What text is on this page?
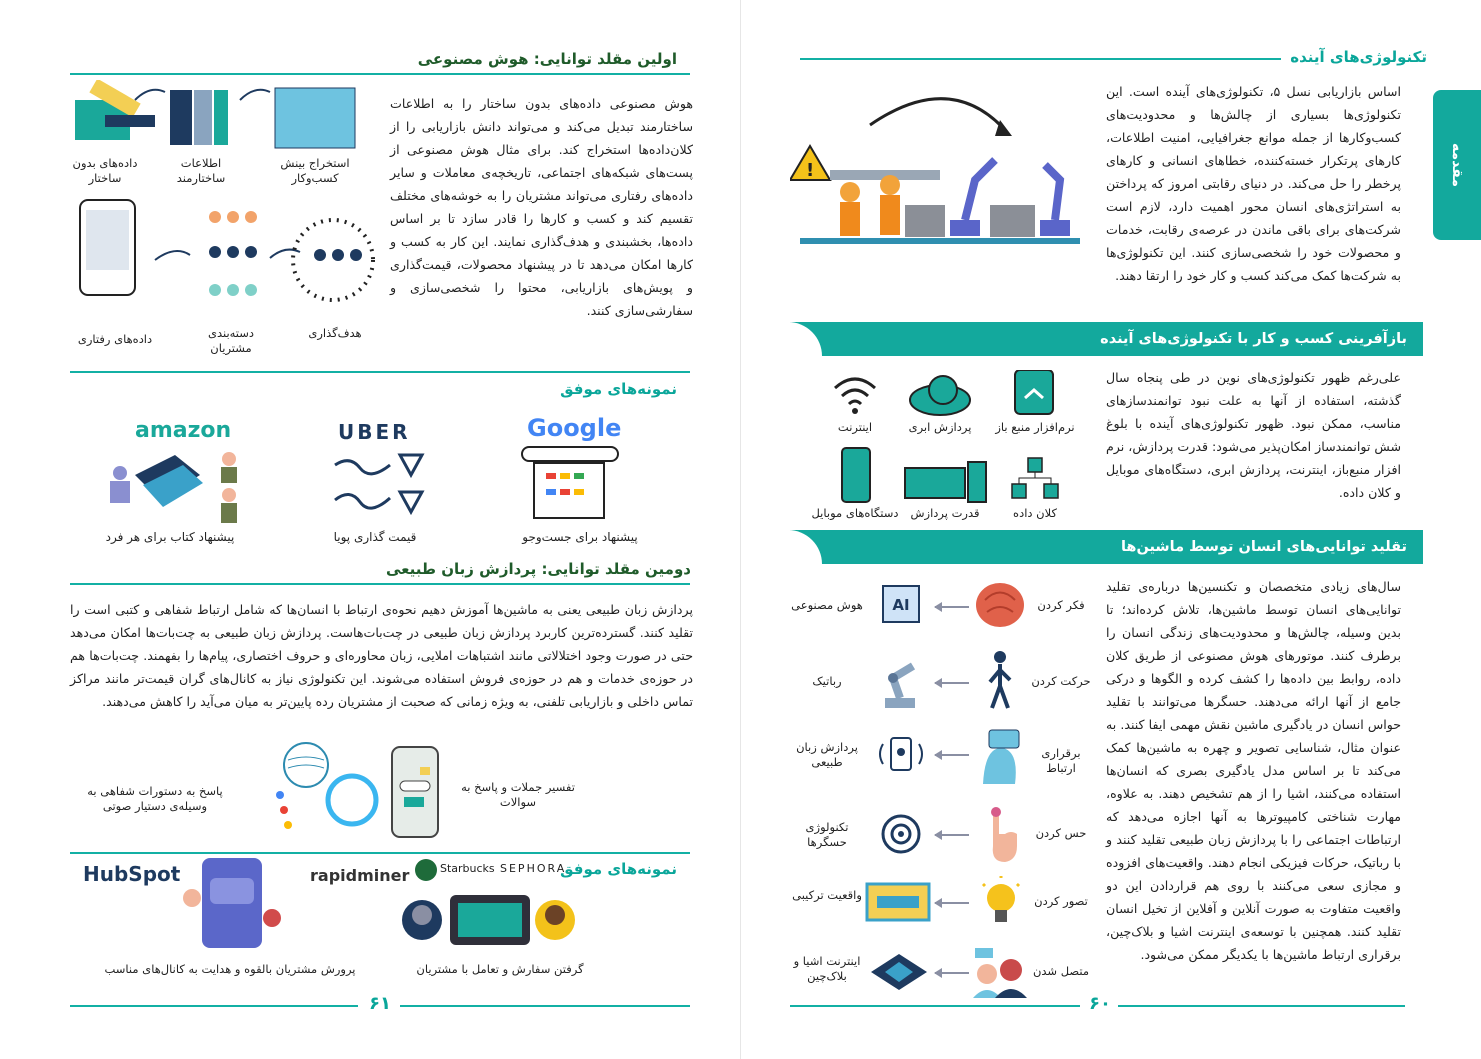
تکنولوژی‌های آینده
مقدمه
!
اساس بازاریابی نسل ۵، تکنولوژی‌های آینده است. این تکنولوژی‌ها بسیاری از چالش‌ها و محدودیت‌های کسب‌وکارها از جمله موانع جغرافیایی، امنیت اطلاعات، کارهای پرتکرار خسته‌کننده، خطاهای انسانی و کارهای پرخطر را حل می‌کند. در دنیای رقابتی امروز که پرداختن به استراتژی‌های انسان محور اهمیت دارد، لازم است شرکت‌های برای باقی ماندن در عرصه‌ی رقابت، خدمات و محصولات خود را شخصی‌سازی کنند. این تکنولوژی‌ها به شرکت‌ها کمک می‌کند کسب و کار خود را ارتقا دهند.
بازآفرینی کسب و کار با تکنولوژی‌های آینده
علی‌رغم ظهور تکنولوژی‌های نوین در طی پنجاه سال گذشته، استفاده از آنها به علت نبود توانمندسازهای مناسب، ممکن نبود. ظهور تکنولوژی‌های آینده با بلوغ شش توانمندساز امکان‌پذیر می‌شود: قدرت پردازش، نرم افزار منبع‌باز، اینترنت، پردازش ابری، دستگاه‌های موبایل و کلان داده.
نرم‌افزار منبع باز
پردازش ابری
اینترنت
کلان داده
قدرت پردازش
دستگاه‌های موبایل
تقلید توانایی‌های انسان توسط ماشین‌ها
سال‌های زیادی متخصصان و تکنسین‌ها درباره‌ی تقلید توانایی‌های انسان توسط ماشین‌ها، تلاش کرده‌اند؛ تا بدین وسیله، چالش‌ها و محدودیت‌های زندگی انسان را برطرف کنند. موتورهای هوش مصنوعی از طریق کلان داده، روابط بین داده‌ها را کشف کرده و الگوها و درکی جامع از آنها ارائه می‌دهند. حسگرها می‌توانند با تقلید حواس انسان در یادگیری ماشین نقش مهمی ایفا کنند. به عنوان مثال، شناسایی تصویر و چهره به ماشین‌ها کمک می‌کند تا بر اساس مدل یادگیری بصری که انسان‌ها استفاده می‌کنند، اشیا را از هم تشخیص دهند. به علاوه، مهارت شناختی کامپیوترها به آنها اجازه می‌دهد که ارتباطات اجتماعی را با پردازش زبان طبیعی تقلید کنند و با رباتیک، حرکات فیزیکی انجام دهند. واقعیت‌های افزوده و مجازی سعی می‌کنند با روی هم قراردادن این دو واقعیت متفاوت به صورت آنلاین و آفلاین از تخیل انسان تقلید کنند. همچنین با توسعه‌ی اینترنت اشیا و بلاک‌چین، برقراری ارتباط ماشین‌ها با یکدیگر ممکن می‌شود.
فکر کردن
AI
هوش مصنوعی
حرکت کردن
رباتیک
برقراری ارتباط
پردازش زبان طبیعی
حس کردن
تکنولوژی حسگرها
تصور کردن
واقعیت ترکیبی
متصل شدن
اینترنت اشیا و بلاک‌چین
۶۰
اولین مقلد توانایی: هوش مصنوعی
هوش مصنوعی داده‌های بدون ساختار را به اطلاعات ساختارمند تبدیل می‌کند و می‌تواند دانش بازاریابی را از کلان‌داده‌ها استخراج کند. برای مثال هوش مصنوعی از پست‌های شبکه‌های اجتماعی، تاریخچه‌ی معاملات و سایر داده‌های رفتاری می‌تواند مشتریان را به خوشه‌های مختلف تقسیم کند و کسب و کارها را قادر سازد تا بر اساس داده‌ها، بخشبندی و هدف‌گذاری نمایند. این کار به کسب و کارها امکان می‌دهد تا در پیشنهاد محصولات، قیمت‌گذاری و پویش‌های بازاریابی، محتوا را شخصی‌سازی و سفارشی‌سازی کنند.
داده‌های بدون ساختار
اطلاعات ساختارمند
استخراج بینش کسب‌وکار
داده‌های رفتاری	دسته‌بندی مشتریان
هدف‌گذاری
نمونه‌های موفق
Google
پیشنهاد برای جست‌وجو
UBER
قیمت گذاری پویا
amazon
پیشنهاد کتاب برای هر فرد
دومین مقلد توانایی: پردازش زبان طبیعی
پردازش زبان طبیعی یعنی به ماشین‌ها آموزش دهیم نحوه‌ی ارتباط با انسان‌ها که شامل ارتباط شفاهی و کتبی است را تقلید کنند. گسترده‌ترین کاربرد پردازش زبان طبیعی در چت‌بات‌هاست. پردازش زبان طبیعی به چت‌بات‌ها امکان می‌دهد حتی در صورت وجود اختلالاتی مانند اشتباهات املایی، زبان محاوره‌ای و حروف اختصاری، پیام‌ها را بفهمند. چت‌بات‌ها هم در حوزه‌ی خدمات و هم در حوزه‌ی فروش استفاده می‌شوند. این تکنولوژی نیاز به کانال‌های گران قیمت‌تر مانند مراکز تماس داخلی و بازاریابی تلفنی، به ویژه زمانی که صحبت از مشتریان رده پایین‌تر به میان می‌آید را کاهش می‌دهند.
تفسیر جملات و پاسخ به سوالات
پاسخ به دستورات شفاهی به وسیله‌ی دستیار صوتی
نمونه‌های موفق
Starbucks SEPHORA
rapidminer
HubSpot
گرفتن سفارش و تعامل با مشتریان
پرورش مشتریان بالقوه و هدایت به کانال‌های مناسب
۶۱
